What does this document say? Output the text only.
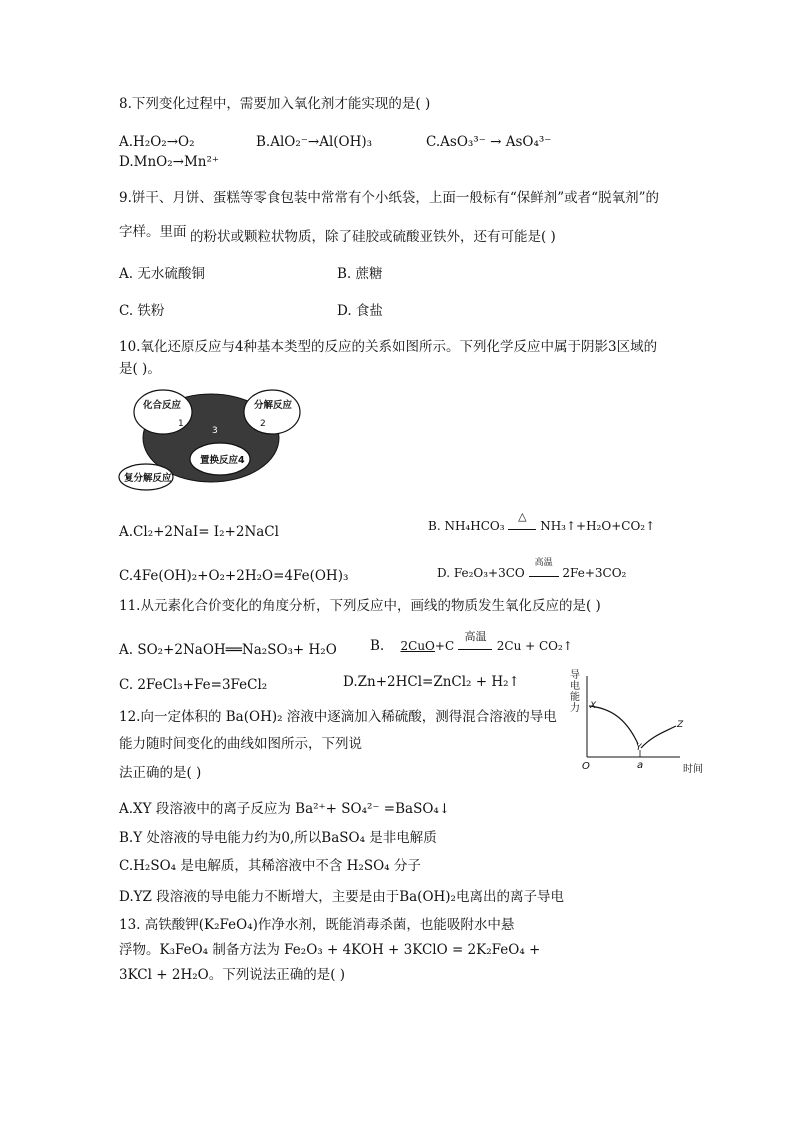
8.下列变化过程中，需要加入氧化剂才能实现的是( )
A.H₂O₂→O₂	B.AlO₂⁻→Al(OH)₃	C.AsO₃³⁻ → AsO₄³⁻
D.MnO₂→Mn²⁺
9.饼干、月饼、蛋糕等零食包装中常常有个小纸袋，上面一般标有“保鲜剂”或者“脱氧剂”的
字样。里面 的粉状或颗粒状物质，除了硅胶或硫酸亚铁外，还有可能是( )
A. 无水硫酸铜	B. 蔗糖
C. 铁粉	D. 食盐
10.氧化还原反应与4种基本类型的反应的关系如图所示。下列化学反应中属于阴影3区域的
是( )。
化合反应
1
分解反应
2
3
置换反应4
复分解反应
A.Cl₂+2NaI= I₂+2NaCl	B. NH₄HCO₃
△
NH₃↑+H₂O+CO₂↑
C.4Fe(OH)₂+O₂+2H₂O=4Fe(OH)₃	D. Fe₂O₃+3CO
高温
2Fe+3CO₂
11.从元素化合价变化的角度分析，下列反应中，画线的物质发生氧化反应的是( )
A. SO₂+2NaOH══Na₂SO₃+ H₂O B. 2CuO+C
高温
2Cu + CO₂↑
C. 2FeCl₃+Fe=3FeCl₂	D.Zn+2HCl=ZnCl₂ + H₂↑	导
电
能
力 X
Y
Z
O	a	时间
12.向一定体积的 Ba(OH)₂ 溶液中逐滴加入稀硫酸，测得混合溶液的导电
能力随时间变化的曲线如图所示，下列说
法正确的是( )
A.XY 段溶液中的离子反应为 Ba²⁺+ SO₄²⁻ =BaSO₄↓
B.Y 处溶液的导电能力约为0,所以BaSO₄ 是非电解质
C.H₂SO₄ 是电解质，其稀溶液中不含 H₂SO₄ 分子
D.YZ 段溶液的导电能力不断增大，主要是由于Ba(OH)₂电离出的离子导电
13. 高铁酸钾(K₂FeO₄)作净水剂，既能消毒杀菌，也能吸附水中悬
浮物。K₃FeO₄ 制备方法为 Fe₂O₃ + 4KOH + 3KClO = 2K₂FeO₄ +
3KCl + 2H₂O。下列说法正确的是( )
